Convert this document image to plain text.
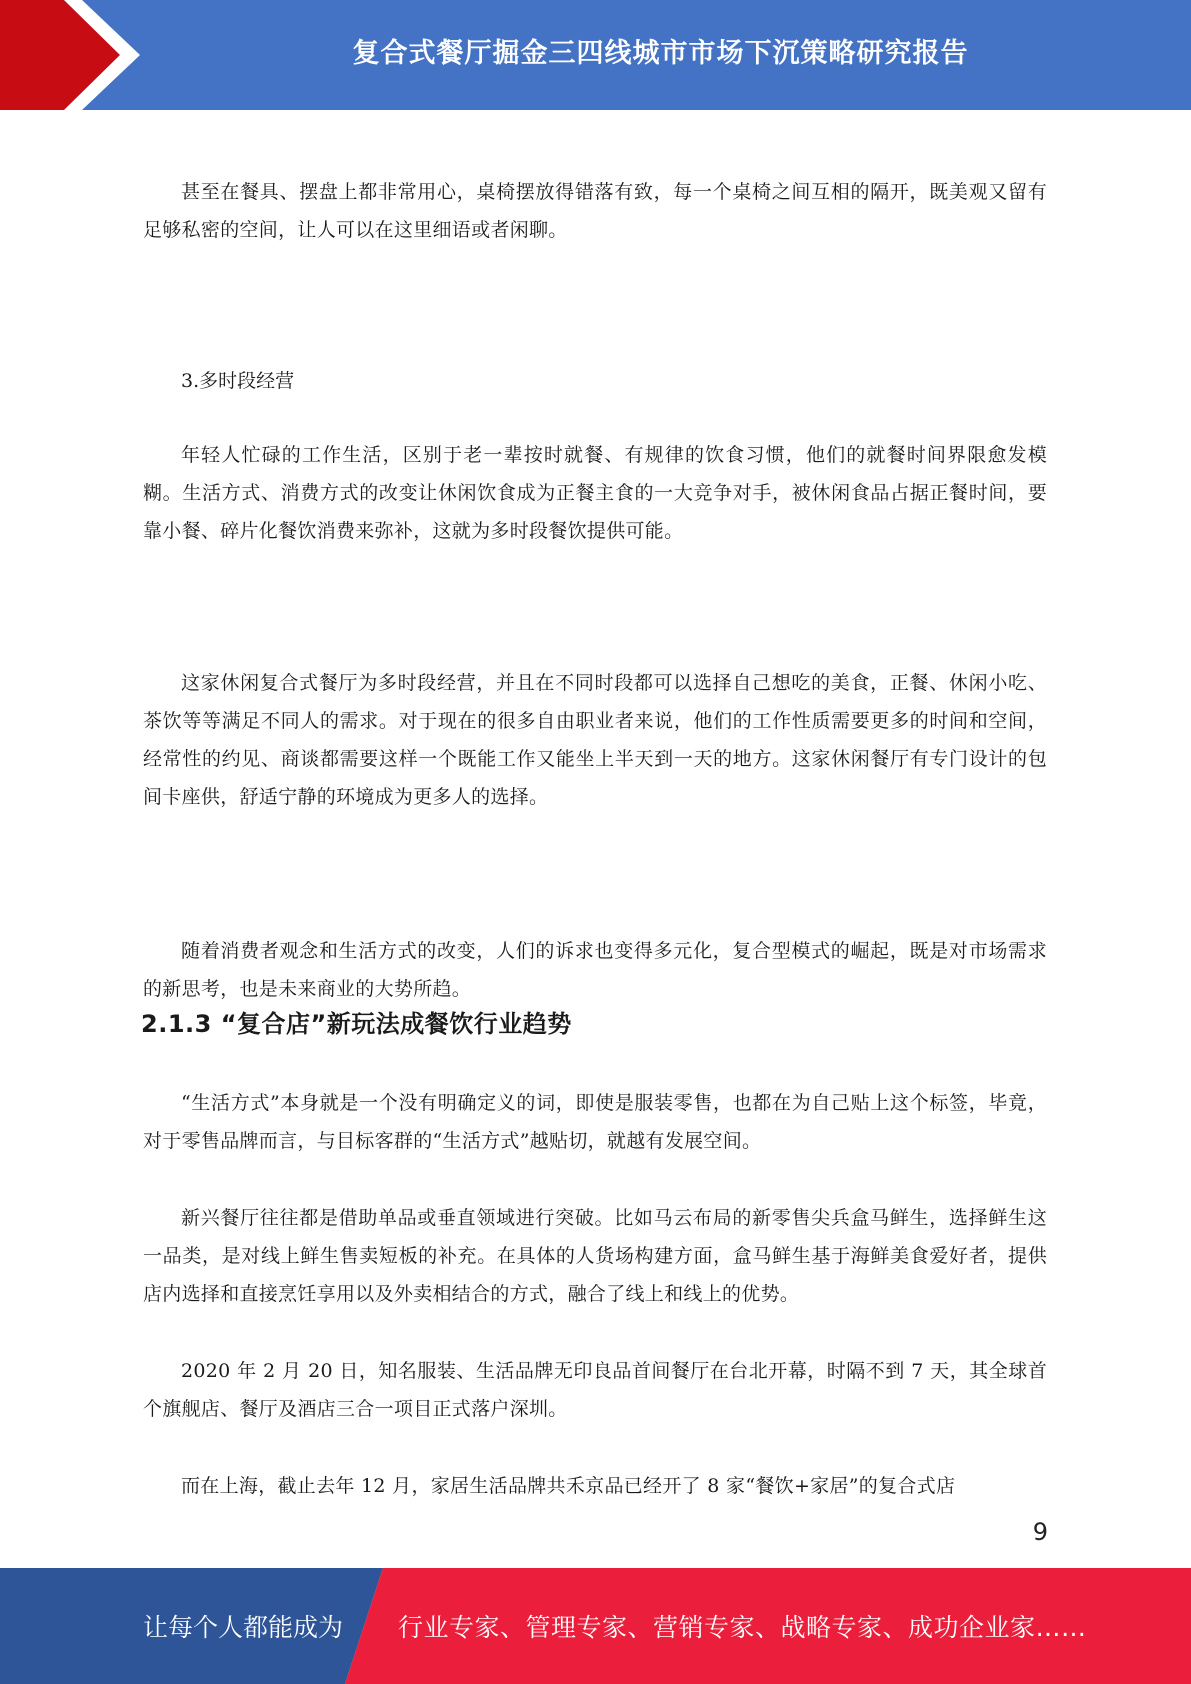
复合式餐厅掘金三四线城市市场下沉策略研究报告

甚至在餐具、摆盘上都非常用心，桌椅摆放得错落有致，每一个桌椅之间互相的隔开，既美观又留有足够私密的空间，让人可以在这里细语或者闲聊。

3.多时段经营

年轻人忙碌的工作生活，区别于老一辈按时就餐、有规律的饮食习惯，他们的就餐时间界限愈发模糊。生活方式、消费方式的改变让休闲饮食成为正餐主食的一大竞争对手，被休闲食品占据正餐时间，要靠小餐、碎片化餐饮消费来弥补，这就为多时段餐饮提供可能。

这家休闲复合式餐厅为多时段经营，并且在不同时段都可以选择自己想吃的美食，正餐、休闲小吃、茶饮等等满足不同人的需求。对于现在的很多自由职业者来说，他们的工作性质需要更多的时间和空间，经常性的约见、商谈都需要这样一个既能工作又能坐上半天到一天的地方。这家休闲餐厅有专门设计的包间卡座供，舒适宁静的环境成为更多人的选择。

随着消费者观念和生活方式的改变，人们的诉求也变得多元化，复合型模式的崛起，既是对市场需求的新思考，也是未来商业的大势所趋。

2.1.3 “复合店”新玩法成餐饮行业趋势

“生活方式”本身就是一个没有明确定义的词，即使是服装零售，也都在为自己贴上这个标签，毕竟，对于零售品牌而言，与目标客群的“生活方式”越贴切，就越有发展空间。

新兴餐厅往往都是借助单品或垂直领域进行突破。比如马云布局的新零售尖兵盒马鲜生，选择鲜生这一品类，是对线上鲜生售卖短板的补充。在具体的人货场构建方面，盒马鲜生基于海鲜美食爱好者，提供店内选择和直接烹饪享用以及外卖相结合的方式，融合了线上和线上的优势。

2020 年 2 月 20 日，知名服装、生活品牌无印良品首间餐厅在台北开幕，时隔不到 7 天，其全球首个旗舰店、餐厅及酒店三合一项目正式落户深圳。

而在上海，截止去年 12 月，家居生活品牌共禾京品已经开了 8 家“餐饮+家居”的复合式店

9
让每个人都能成为 行业专家、管理专家、营销专家、战略专家、成功企业家……
